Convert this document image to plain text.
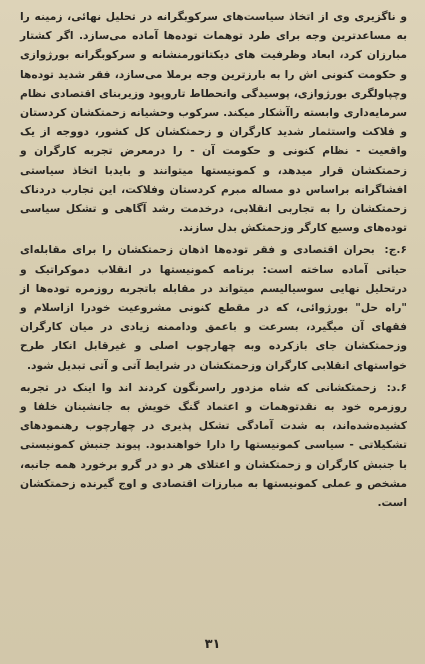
و ناگزیری وی از اتخاذ سیاست‌های سرکوبگرانه در تحلیل نهائی، زمینه را به مساعدترین وجه برای طرد توهمات توده‌ها آماده می‌سازد. اگر کشتار مبارزان کرد، ابعاد وظرفیت های دیکتاتورمنشانه و سرکوبگرانه بورژوازی و حکومت کنونی اش را به بارزترین وجه برملا می‌سازد، فقر شدید توده‌ها وچپاولگری بورژوازی، پوسیدگی وانحطاط تاروپود وزیربنای اقتصادی نظام سرمایه‌داری وابسته راآشکار میکند. سرکوب وحشیانه زحمتکشان کردستان و فلاکت واستثمار شدید کارگران و زحمتکشان کل کشور، دووجه از یک واقعیت - نظام کنونی و حکومت آن - را درمعرض تجربه کارگران و زحمتکشان قرار میدهد، و کمونیستها میتوانند و بایدبا اتخاذ سیاستی افشاگرانه براساس دو مساله مبرم کردستان وفلاکت، این تجارب دردناک زحمتکشان را به تجاربی انقلابی، درخدمت رشد آگاهی و تشکل سیاسی توده‌های وسیع کارگر وزحمتکش بدل سازند.

۶.ج: بحران اقتصادی و فقر توده‌ها اذهان زحمتکشان را برای مقابله‌ای حیاتی آماده ساخته است: برنامه کمونیستها در انقلاب دموکراتیک و درتحلیل نهایی سوسیالیسم میتواند در مقابله باتجربه روزمره توده‌ها از "راه حل" بورژوائی، که در مقطع کنونی مشروعیت خودرا ازاسلام و فقهای آن میگیرد، بسرعت و باعمق وداممنه زیادی در میان کارگران وزحمتکشان جای بازکرده وبه چهارچوب اصلی و غیرقابل انکار طرح خواستهای انقلابی کارگران وزحمتکشان در شرایط آتی و آتی تبدیل شود.

۶.د: زحمتکشانی که شاه مزدور راسرنگون کردند اند وا اینک در تجربه روزمره خود به نقدتوهمات و اعتماد گنگ خویش به جانشینان خلفا و کشیده‌شده‌اند، به شدت آمادگی تشکل پذیری در چهارچوب رهنمودهای تشکیلاتی - سیاسی کمونیستها را دارا خواهندبود. پیوند جنبش کمونیستی با جنبش کارگران و زحمتکشان و اعتلای هر دو در گرو برخورد همه جانبه، مشخص و عملی کمونیستها به مبارزات اقتصادی و اوج گیرنده زحمتکشان است.

۳۱
